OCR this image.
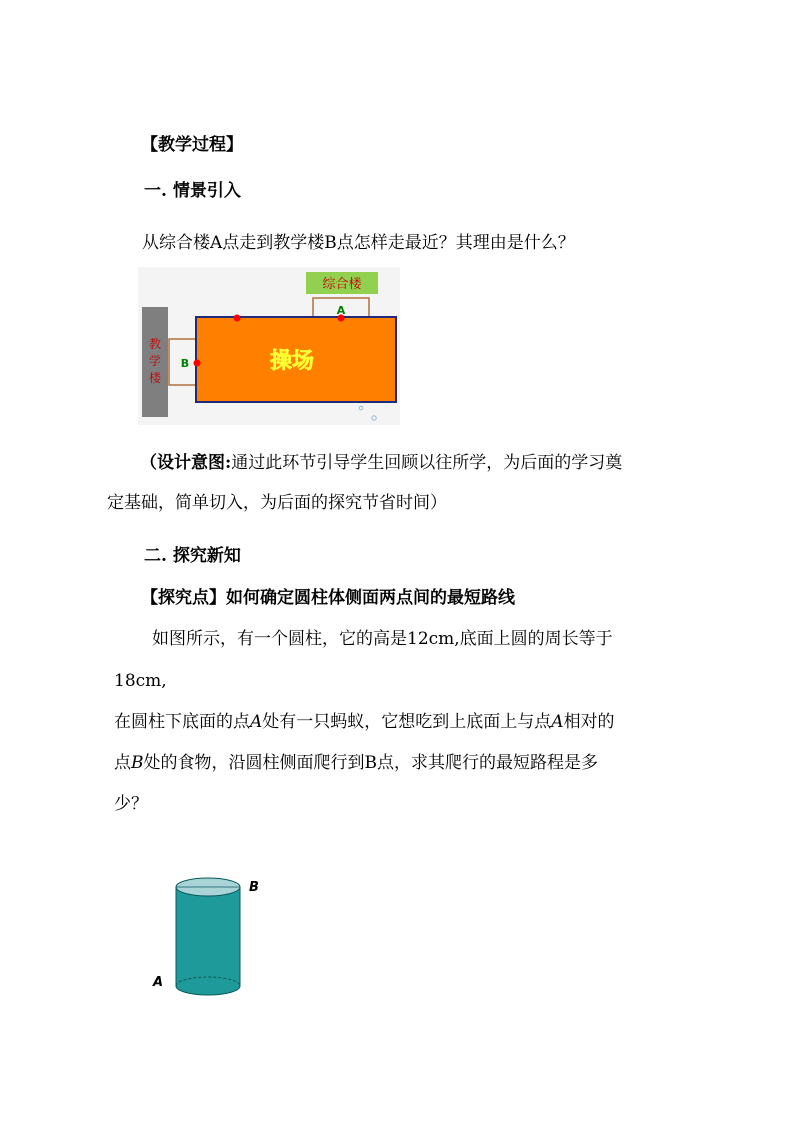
【教学过程】
一. 情景引入
从综合楼A点走到教学楼B点怎样走最近？其理由是什么？
综合楼
教
学
楼
操场
A
B
（设计意图:通过此环节引导学生回顾以往所学，为后面的学习奠
定基础，简单切入，为后面的探究节省时间）
二. 探究新知
【探究点】如何确定圆柱体侧面两点间的最短路线
如图所示，有一个圆柱，它的高是12cm,底面上圆的周长等于
18cm,
在圆柱下底面的点A处有一只蚂蚁，它想吃到上底面上与点A相对的
点B处的食物，沿圆柱侧面爬行到B点，求其爬行的最短路程是多
少？
B
A
